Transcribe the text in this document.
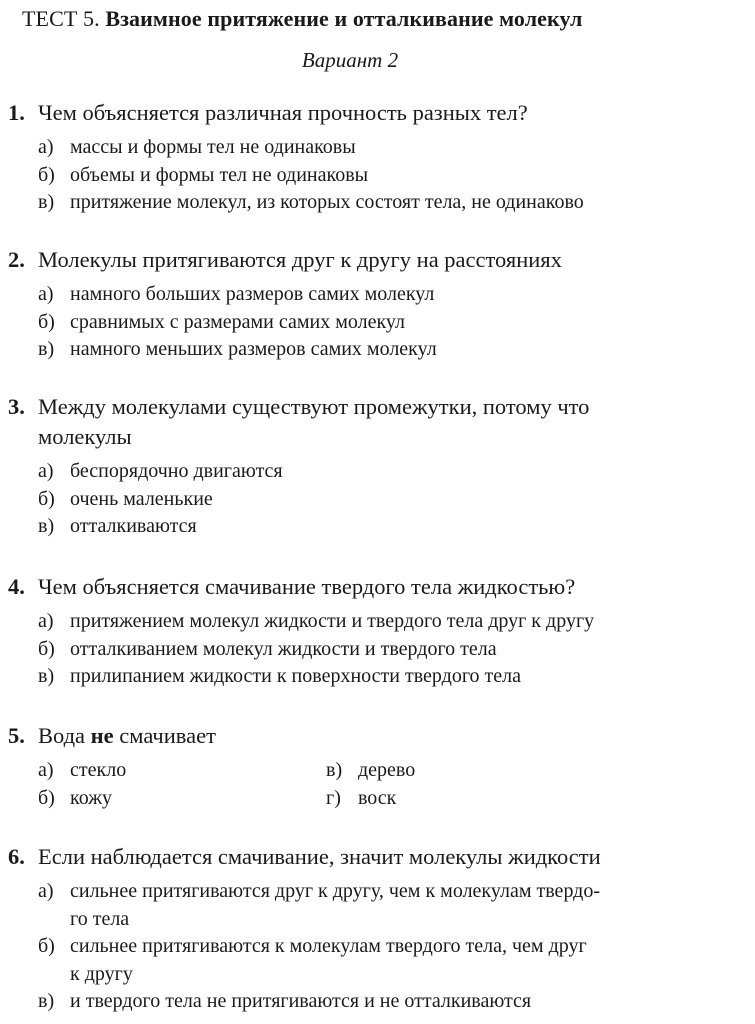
ТЕСТ 5. Взаимное притяжение и отталкивание молекул
Вариант 2
1. Чем объясняется различная прочность разных тел?
а) массы и формы тел не одинаковы
б) объемы и формы тел не одинаковы
в) притяжение молекул, из которых состоят тела, не одинаково
2. Молекулы притягиваются друг к другу на расстояниях
а) намного больших размеров самих молекул
б) сравнимых с размерами самих молекул
в) намного меньших размеров самих молекул
3. Между молекулами существуют промежутки, потому что
молекулы
а) беспорядочно двигаются
б) очень маленькие
в) отталкиваются
4. Чем объясняется смачивание твердого тела жидкостью?
а) притяжением молекул жидкости и твердого тела друг к другу
б) отталкиванием молекул жидкости и твердого тела
в) прилипанием жидкости к поверхности твердого тела
5. Вода не смачивает
а) стекло
б) кожу
в) дерево
г) воск
6. Если наблюдается смачивание, значит молекулы жидкости
а) сильнее притягиваются друг к другу, чем к молекулам твердо-
го тела
б) сильнее притягиваются к молекулам твердого тела, чем друг
к другу
в) и твердого тела не притягиваются и не отталкиваются
